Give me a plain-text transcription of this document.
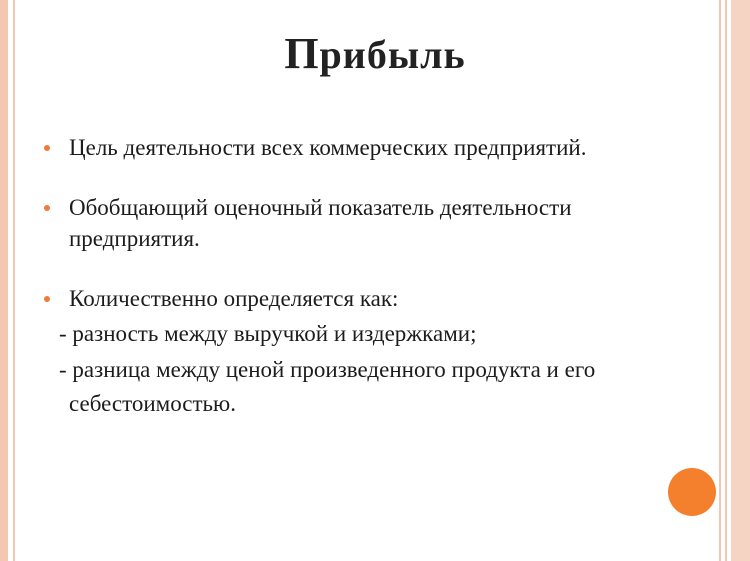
Прибыль
Цель деятельности всех коммерческих предприятий.
Обобщающий оценочный показатель деятельности предприятия.
Количественно определяется как:
- разность между выручкой и издержками;
- разница между ценой произведенного продукта и его
себестоимостью.
